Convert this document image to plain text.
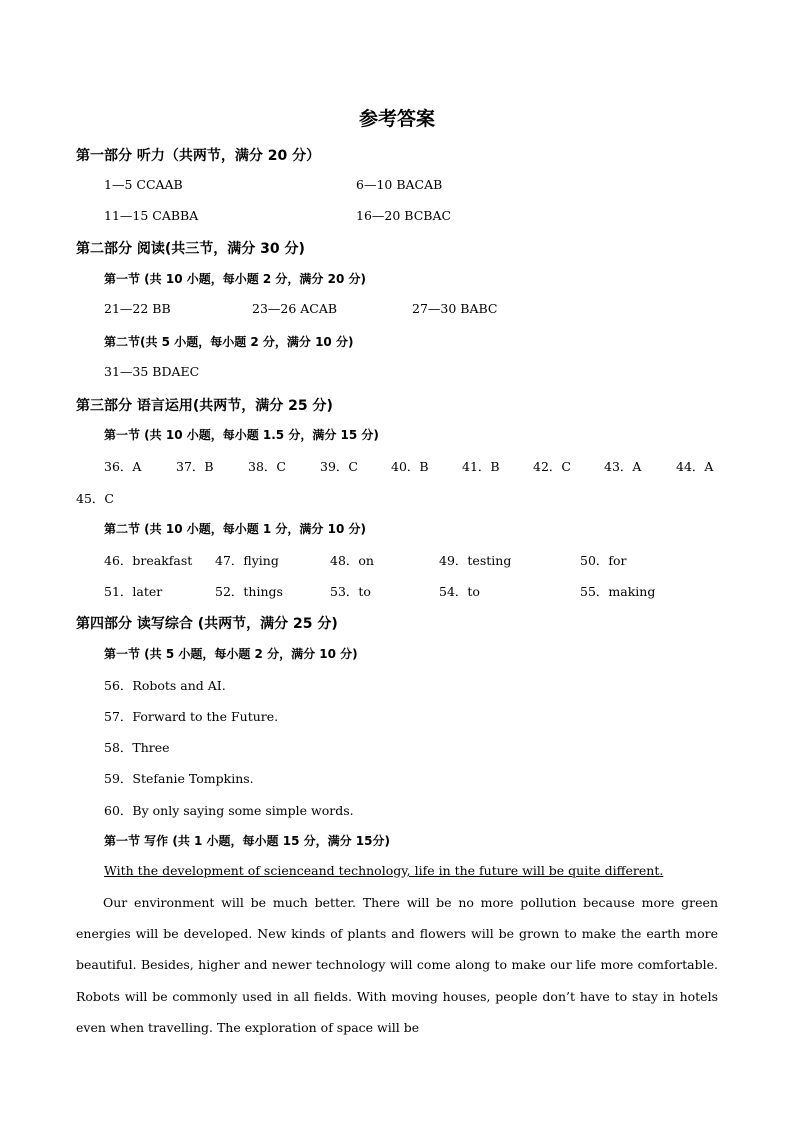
参考答案
第一部分 听力（共两节，满分 20 分）
1—5 CCAAB	6—10 BACAB
11—15 CABBA	16—20 BCBAC
第二部分 阅读(共三节，满分 30 分)
第一节 (共 10 小题，每小题 2 分，满分 20 分)
21—22 BB	23—26 ACAB	27—30 BABC
第二节(共 5 小题，每小题 2 分，满分 10 分)
31—35 BDAEC
第三部分 语言运用(共两节，满分 25 分)
第一节 (共 10 小题，每小题 1.5 分，满分 15 分)
36．A	37．B	38．C	39．C	40．B	41．B	42．C	43．A	44．A
45．C
第二节 (共 10 小题，每小题 1 分，满分 10 分)
46．breakfast 47．flying	48．on	49．testing	50．for
51．later	52．things	53．to	54．to	55．making
第四部分 读写综合 (共两节，满分 25 分)
第一节 (共 5 小题，每小题 2 分，满分 10 分)
56．Robots and AI.
57．Forward to the Future.
58．Three
59．Stefanie Tompkins.
60．By only saying some simple words.
第一节 写作 (共 1 小题，每小题 15 分，满分 15分)
With the development of scienceand technology, life in the future will be quite different.
Our environment will be much better. There will be no more pollution because more green energies will be developed. New kinds of plants and flowers will be grown to make the earth more beautiful. Besides, higher and newer technology will come along to make our life more comfortable. Robots will be commonly used in all fields. With moving houses, people don’t have to stay in hotels even when travelling. The exploration of space will be
